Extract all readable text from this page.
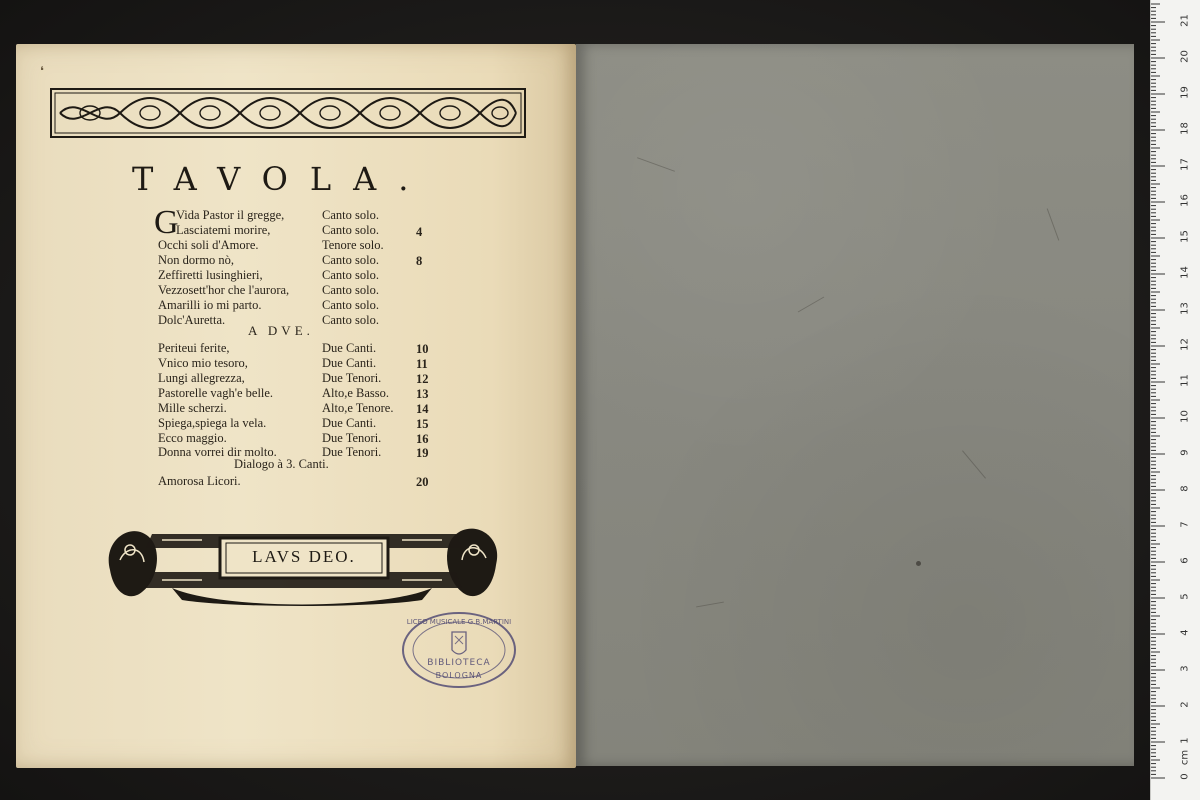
❛
TAVOLA.
G
Vida Pastor il gregge,	Canto solo.
Lasciatemi morire,	Canto solo.	4
Occhi soli d'Amore.	Tenore solo.
Non dormo nò,	Canto solo.	8
Zeffiretti lusinghieri,	Canto solo.
Vezzosett'hor che l'aurora,	Canto solo.
Amarilli io mi parto.	Canto solo.
Dolc'Auretta.	Canto solo.
A DVE.
Periteui ferite,	Due Canti.	10
Vnico mio tesoro,	Due Canti.	11
Lungi allegrezza,	Due Tenori.	12
Pastorelle vagh'e belle.	Alto,e Basso. 13
Mille scherzi.	Alto,e Tenore. 14
Spiega,spiega la vela.	Due Canti.	15
Ecco maggio.	Due Tenori.	16
Donna vorrei dir molto.	Due Tenori.	19
Dialogo à 3. Canti.
Amorosa Licori.	20
LAVS DEO.
LICEO MUSICALE G.B.MARTINI
BIBLIOTECA
BOLOGNA
0
1
2
3
4
5
6
7
8
9
10
11
12
13
14
15
16
17
18
19
20
21
cm
